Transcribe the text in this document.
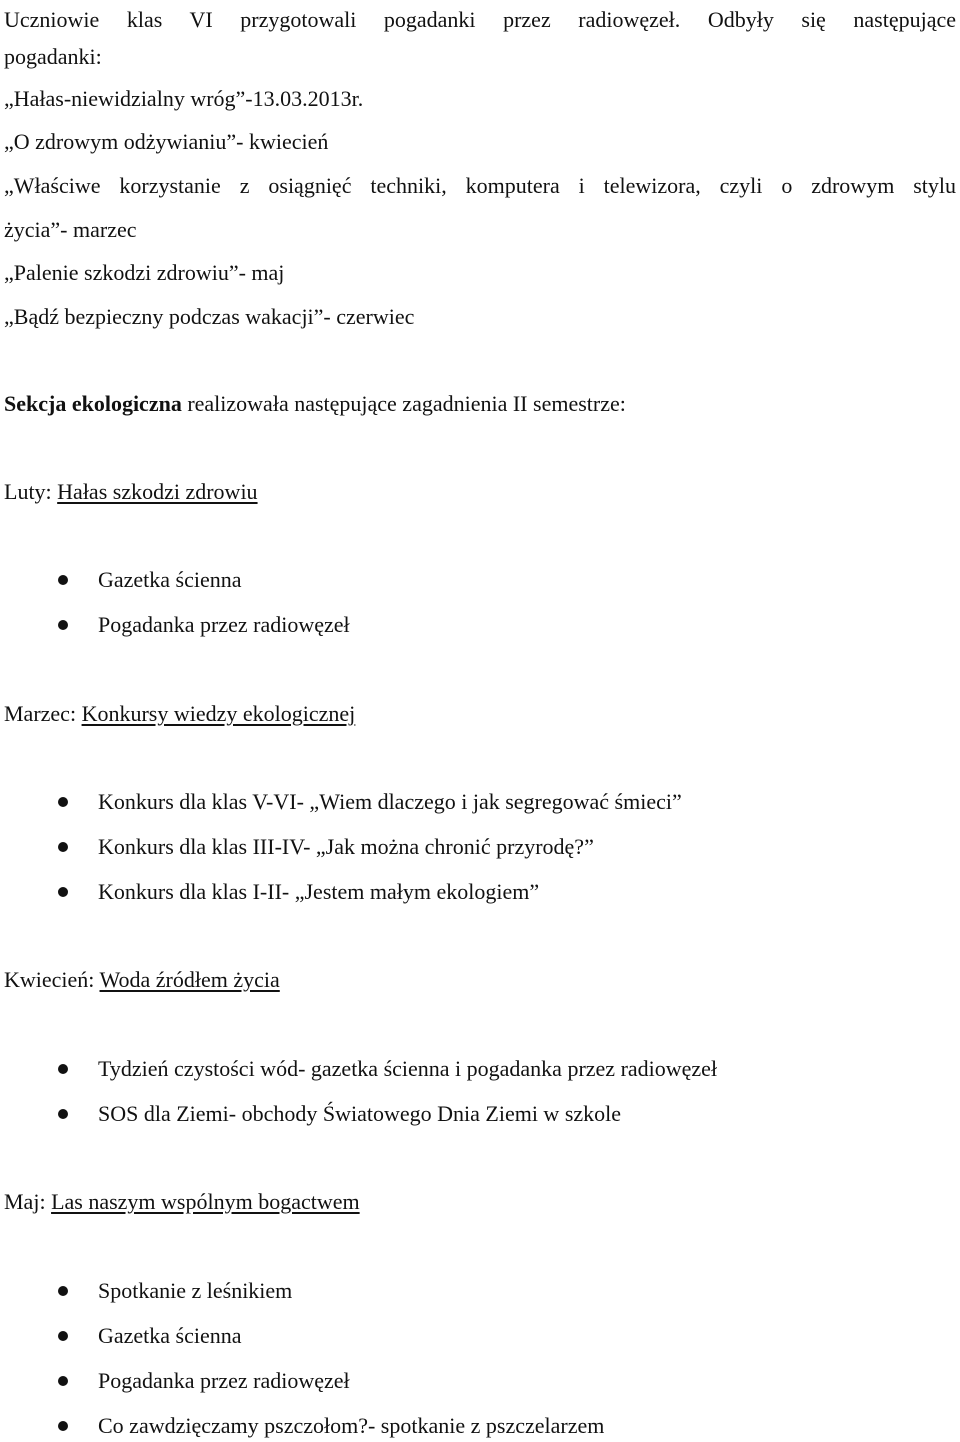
Uczniowie klas VI przygotowali pogadanki przez radiowęzeł. Odbyły się następujące
pogadanki:
„Hałas-niewidzialny wróg”-13.03.2013r.
„O zdrowym odżywianiu”- kwiecień
„Właściwe korzystanie z osiągnięć techniki, komputera i telewizora, czyli o zdrowym stylu
życia”- marzec
„Palenie szkodzi zdrowiu”- maj
„Bądź bezpieczny podczas wakacji”- czerwiec
Sekcja ekologiczna realizowała następujące zagadnienia II semestrze:
Luty: Hałas szkodzi zdrowiu
Gazetka ścienna
Pogadanka przez radiowęzeł
Marzec: Konkursy wiedzy ekologicznej
Konkurs dla klas V-VI- „Wiem dlaczego i jak segregować śmieci”
Konkurs dla klas III-IV- „Jak można chronić przyrodę?”
Konkurs dla klas I-II- „Jestem małym ekologiem”
Kwiecień: Woda źródłem życia
Tydzień czystości wód- gazetka ścienna i pogadanka przez radiowęzeł
SOS dla Ziemi- obchody Światowego Dnia Ziemi w szkole
Maj: Las naszym wspólnym bogactwem
Spotkanie z leśnikiem
Gazetka ścienna
Pogadanka przez radiowęzeł
Co zawdzięczamy pszczołom?- spotkanie z pszczelarzem
